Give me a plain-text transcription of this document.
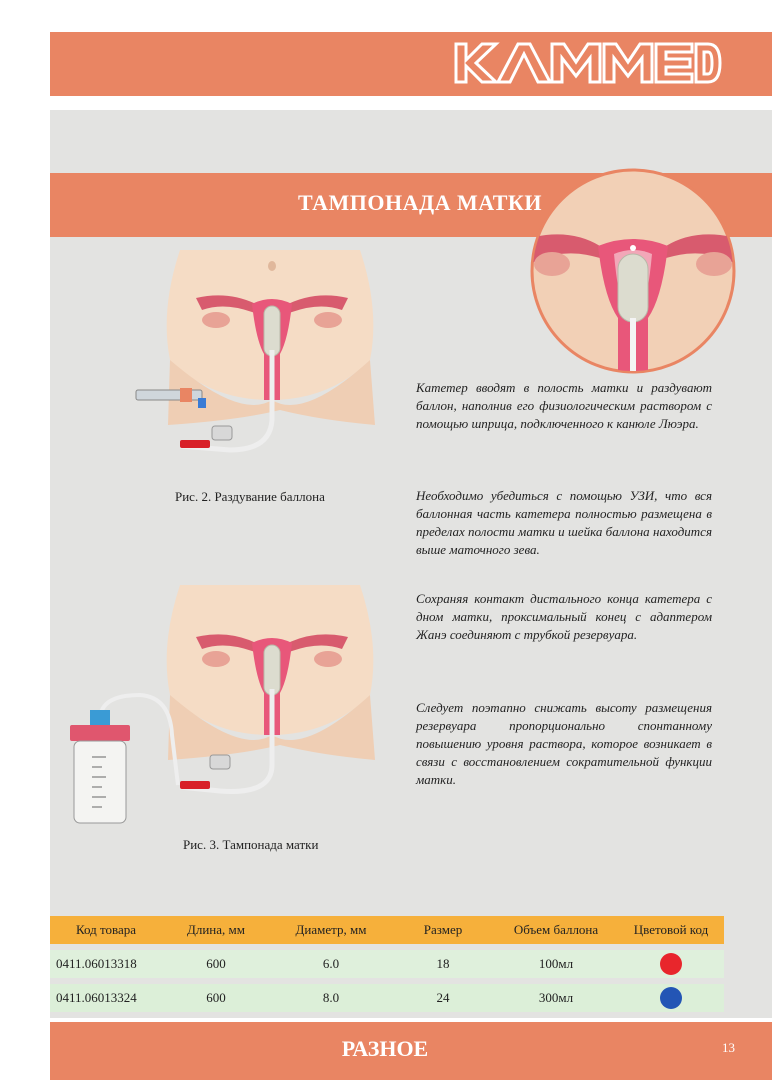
ТАМПОНАДА МАТКИ

Рис. 2. Раздувание баллона

Рис. 3. Тампонада матки

Катетер вводят в полость матки и раздувают баллон, наполнив его физиологическим раствором с помощью шприца, подключенного к канюле Люэра.

Необходимо убедиться с помощью УЗИ, что вся баллонная часть катетера полностью размещена в пределах полости матки и шейка баллона находится выше маточного зева.

Сохраняя контакт дистального конца катетера с дном матки, проксимальный конец с адаптером Жанэ соединяют с трубкой резервуара.

Следует поэтапно снижать высоту размещения резервуара пропорционально спонтанному повышению уровня раствора, которое возникает в связи с восстановлением сократительной функции матки.

Код товара	Длина, мм	Диаметр, мм	Размер	Объем баллона	Цветовой код

0411.06013318	600	6.0	18	100мл	

0411.06013324	600	8.0	24	300мл	

РАЗНОЕ	13
